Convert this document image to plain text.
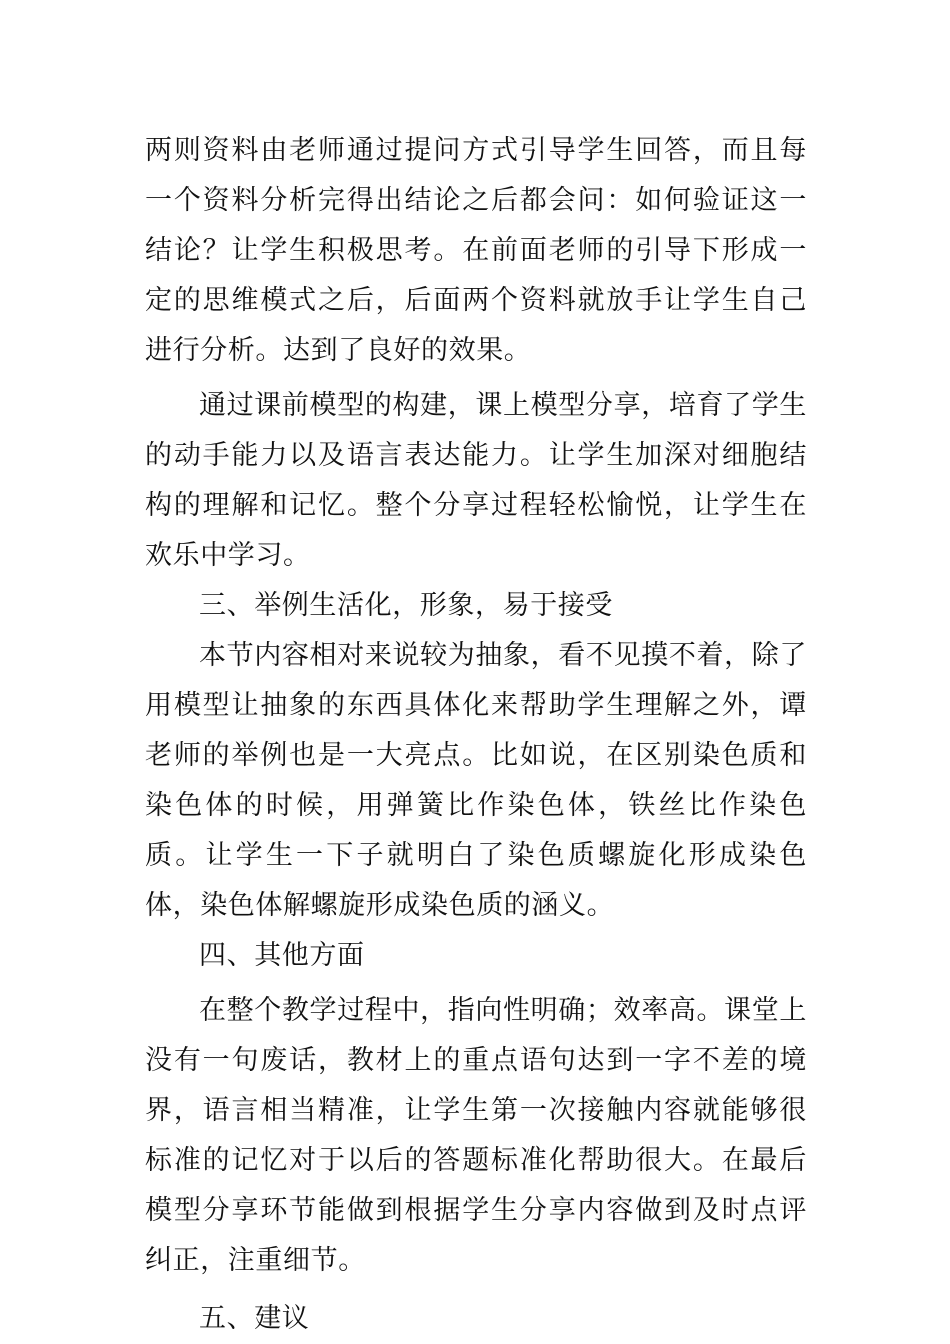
两则资料由老师通过提问方式引导学生回答，而且每一个资料分析完得出结论之后都会问：如何验证这一结论？让学生积极思考。在前面老师的引导下形成一定的思维模式之后，后面两个资料就放手让学生自己进行分析。达到了良好的效果。

通过课前模型的构建，课上模型分享，培育了学生的动手能力以及语言表达能力。让学生加深对细胞结构的理解和记忆。整个分享过程轻松愉悦，让学生在欢乐中学习。

三、举例生活化，形象，易于接受

本节内容相对来说较为抽象，看不见摸不着，除了用模型让抽象的东西具体化来帮助学生理解之外，谭老师的举例也是一大亮点。比如说，在区别染色质和染色体的时候，用弹簧比作染色体，铁丝比作染色质。让学生一下子就明白了染色质螺旋化形成染色体，染色体解螺旋形成染色质的涵义。

四、其他方面

在整个教学过程中，指向性明确；效率高。课堂上没有一句废话，教材上的重点语句达到一字不差的境界，语言相当精准，让学生第一次接触内容就能够很标准的记忆对于以后的答题标准化帮助很大。在最后模型分享环节能做到根据学生分享内容做到及时点评纠正，注重细节。

五、建议
